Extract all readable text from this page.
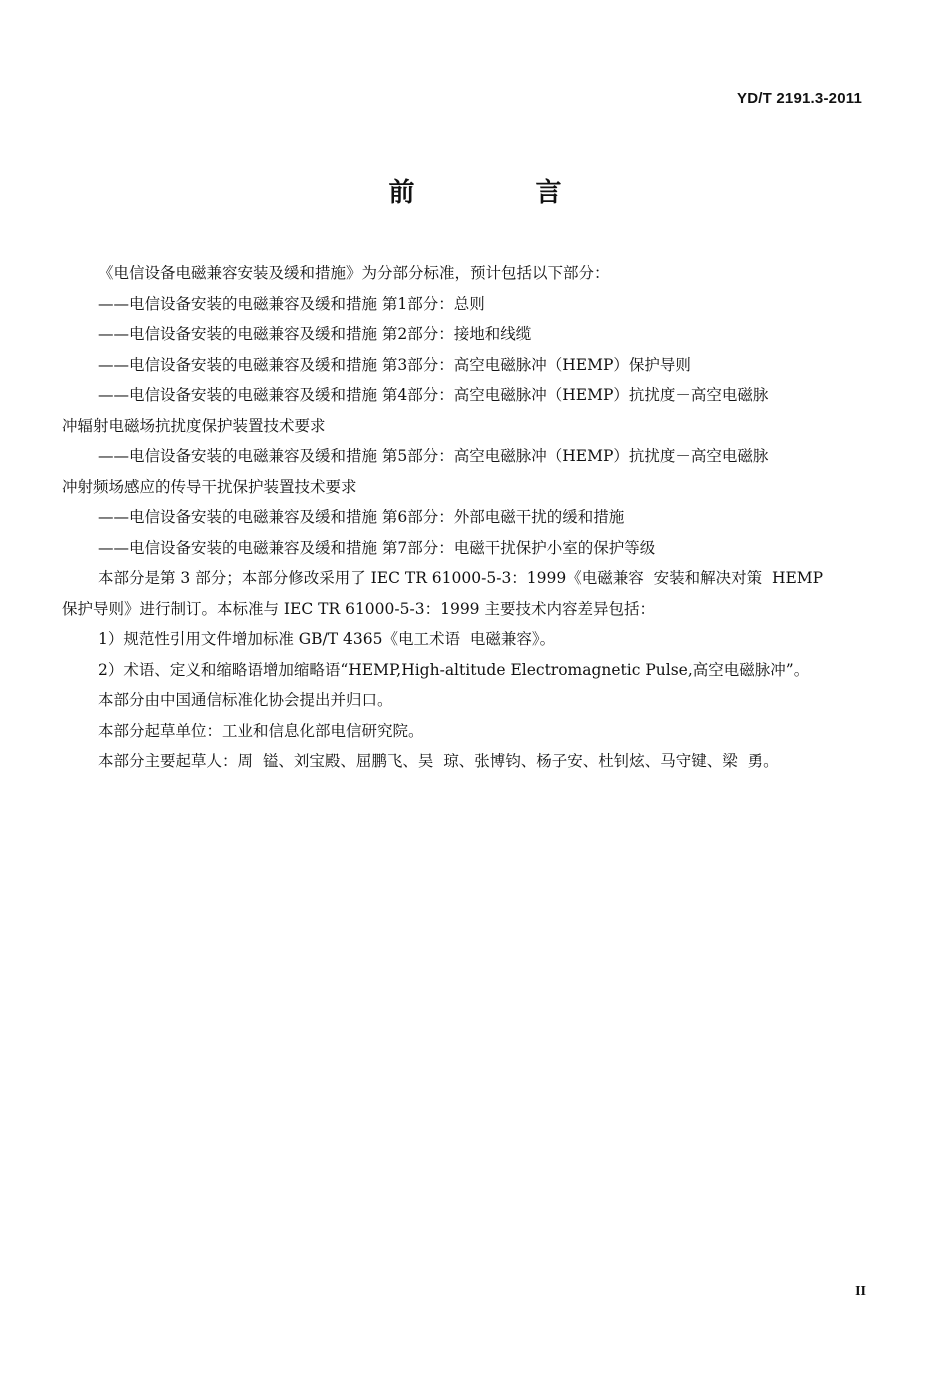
YD/T 2191.3-2011
前 言

《电信设备电磁兼容安装及缓和措施》为分部分标准，预计包括以下部分：

——电信设备安装的电磁兼容及缓和措施 第1部分：总则

——电信设备安装的电磁兼容及缓和措施 第2部分：接地和线缆

——电信设备安装的电磁兼容及缓和措施 第3部分：高空电磁脉冲（HEMP）保护导则

——电信设备安装的电磁兼容及缓和措施 第4部分：高空电磁脉冲（HEMP）抗扰度－高空电磁脉

冲辐射电磁场抗扰度保护装置技术要求

——电信设备安装的电磁兼容及缓和措施 第5部分：高空电磁脉冲（HEMP）抗扰度－高空电磁脉

冲射频场感应的传导干扰保护装置技术要求

——电信设备安装的电磁兼容及缓和措施 第6部分：外部电磁干扰的缓和措施

——电信设备安装的电磁兼容及缓和措施 第7部分：电磁干扰保护小室的保护等级

本部分是第 3 部分；本部分修改采用了 IEC TR 61000-5-3：1999《电磁兼容  安装和解决对策  HEMP

保护导则》进行制订。本标准与 IEC TR 61000-5-3：1999 主要技术内容差异包括：

1）规范性引用文件增加标准 GB/T 4365《电工术语  电磁兼容》。

2）术语、定义和缩略语增加缩略语“HEMP,High-altitude Electromagnetic Pulse,高空电磁脉冲”。

本部分由中国通信标准化协会提出并归口。

本部分起草单位：工业和信息化部电信研究院。

本部分主要起草人：周  镒、刘宝殿、屈鹏飞、吴  琼、张博钧、杨子安、杜钊炫、马守键、梁  勇。

II
